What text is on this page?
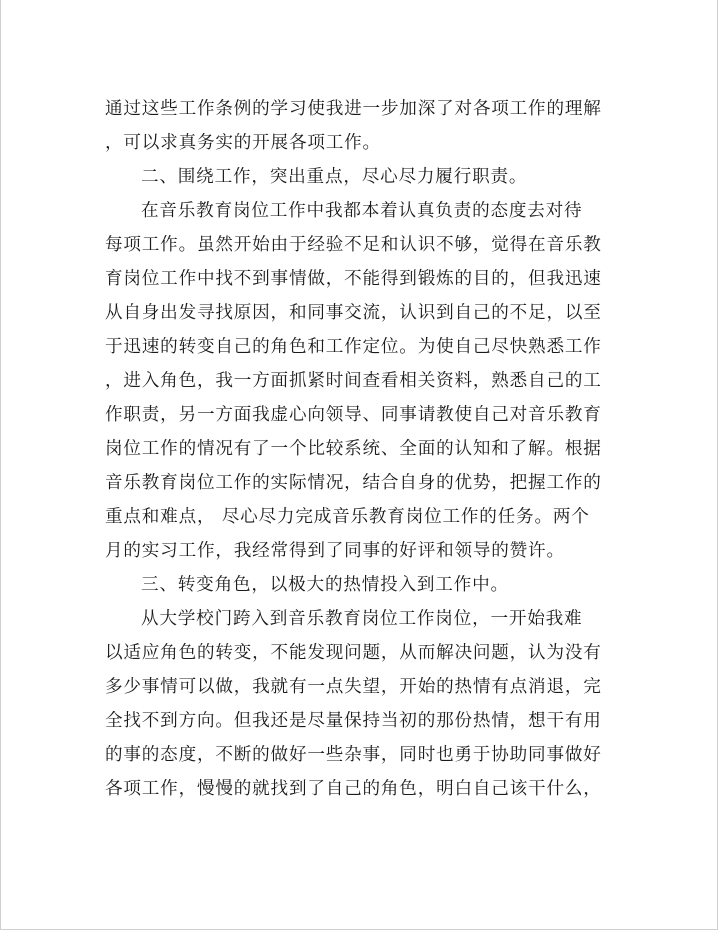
通过这些工作条例的学习使我进一步加深了对各项工作的理解
，可以求真务实的开展各项工作。
二、围绕工作，突出重点，尽心尽力履行职责。
在音乐教育岗位工作中我都本着认真负责的态度去对待
每项工作。虽然开始由于经验不足和认识不够，觉得在音乐教
育岗位工作中找不到事情做，不能得到锻炼的目的，但我迅速
从自身出发寻找原因，和同事交流，认识到自己的不足，以至
于迅速的转变自己的角色和工作定位。为使自己尽快熟悉工作
，进入角色，我一方面抓紧时间查看相关资料，熟悉自己的工
作职责，另一方面我虚心向领导、同事请教使自己对音乐教育
岗位工作的情况有了一个比较系统、全面的认知和了解。根据
音乐教育岗位工作的实际情况，结合自身的优势，把握工作的
重点和难点， 尽心尽力完成音乐教育岗位工作的任务。两个
月的实习工作，我经常得到了同事的好评和领导的赞许。
三、转变角色，以极大的热情投入到工作中。
从大学校门跨入到音乐教育岗位工作岗位，一开始我难
以适应角色的转变，不能发现问题，从而解决问题，认为没有
多少事情可以做，我就有一点失望，开始的热情有点消退，完
全找不到方向。但我还是尽量保持当初的那份热情，想干有用
的事的态度，不断的做好一些杂事，同时也勇于协助同事做好
各项工作，慢慢的就找到了自己的角色，明白自己该干什么，
